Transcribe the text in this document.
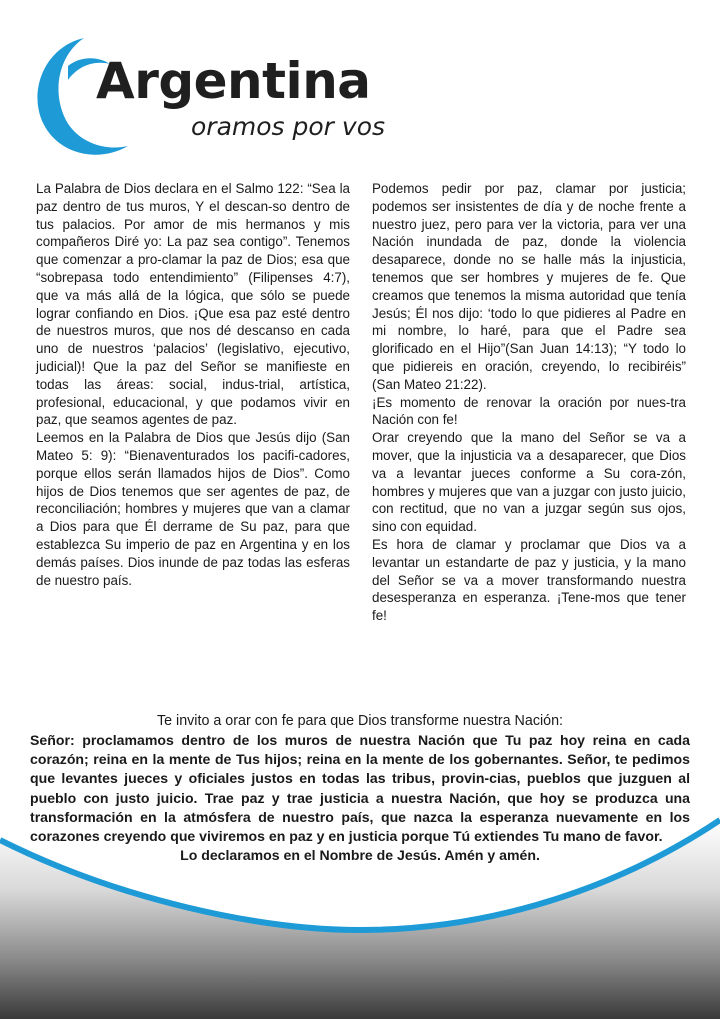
Argentina
oramos por vos

La Palabra de Dios declara en el Salmo 122: “Sea la paz dentro de tus muros, Y el descan-so dentro de tus palacios. Por amor de mis hermanos y mis compañeros Diré yo: La paz sea contigo”. Tenemos que comenzar a pro-clamar la paz de Dios; esa que “sobrepasa todo entendimiento” (Filipenses 4:7), que va más allá de la lógica, que sólo se puede lograr confiando en Dios. ¡Que esa paz esté dentro de nuestros muros, que nos dé descanso en cada uno de nuestros ‘palacios’ (legislativo, ejecutivo, judicial)! Que la paz del Señor se manifieste en todas las áreas: social, indus-trial, artística, profesional, educacional, y que podamos vivir en paz, que seamos agentes de paz.

Leemos en la Palabra de Dios que Jesús dijo (San Mateo 5: 9): “Bienaventurados los pacifi-cadores, porque ellos serán llamados hijos de Dios”. Como hijos de Dios tenemos que ser agentes de paz, de reconciliación; hombres y mujeres que van a clamar a Dios para que Él derrame de Su paz, para que establezca Su imperio de paz en Argentina y en los demás países. Dios inunde de paz todas las esferas de nuestro país.

Podemos pedir por paz, clamar por justicia; podemos ser insistentes de día y de noche frente a nuestro juez, pero para ver la victoria, para ver una Nación inundada de paz, donde la violencia desaparece, donde no se halle más la injusticia, tenemos que ser hombres y mujeres de fe. Que creamos que tenemos la misma autoridad que tenía Jesús; Él nos dijo: ‘todo lo que pidieres al Padre en mi nombre, lo haré, para que el Padre sea glorificado en el Hijo”(San Juan 14:13); “Y todo lo que pidiereis en oración, creyendo, lo recibiréis” (San Mateo 21:22).

¡Es momento de renovar la oración por nues-tra Nación con fe!

Orar creyendo que la mano del Señor se va a mover, que la injusticia va a desaparecer, que Dios va a levantar jueces conforme a Su cora-zón, hombres y mujeres que van a juzgar con justo juicio, con rectitud, que no van a juzgar según sus ojos, sino con equidad.

Es hora de clamar y proclamar que Dios va a levantar un estandarte de paz y justicia, y la mano del Señor se va a mover transformando nuestra desesperanza en esperanza. ¡Tene-mos que tener fe!

Te invito a orar con fe para que Dios transforme nuestra Nación:

Señor: proclamamos dentro de los muros de nuestra Nación que Tu paz hoy reina en cada corazón; reina en la mente de Tus hijos; reina en la mente de los gobernantes. Señor, te pedimos que levantes jueces y oficiales justos en todas las tribus, provin-cias, pueblos que juzguen al pueblo con justo juicio. Trae paz y trae justicia a nuestra Nación, que hoy se produzca una transformación en la atmósfera de nuestro país, que nazca la esperanza nuevamente en los corazones creyendo que viviremos en paz y en justicia porque Tú extiendes Tu mano de favor.

Lo declaramos en el Nombre de Jesús. Amén y amén.
